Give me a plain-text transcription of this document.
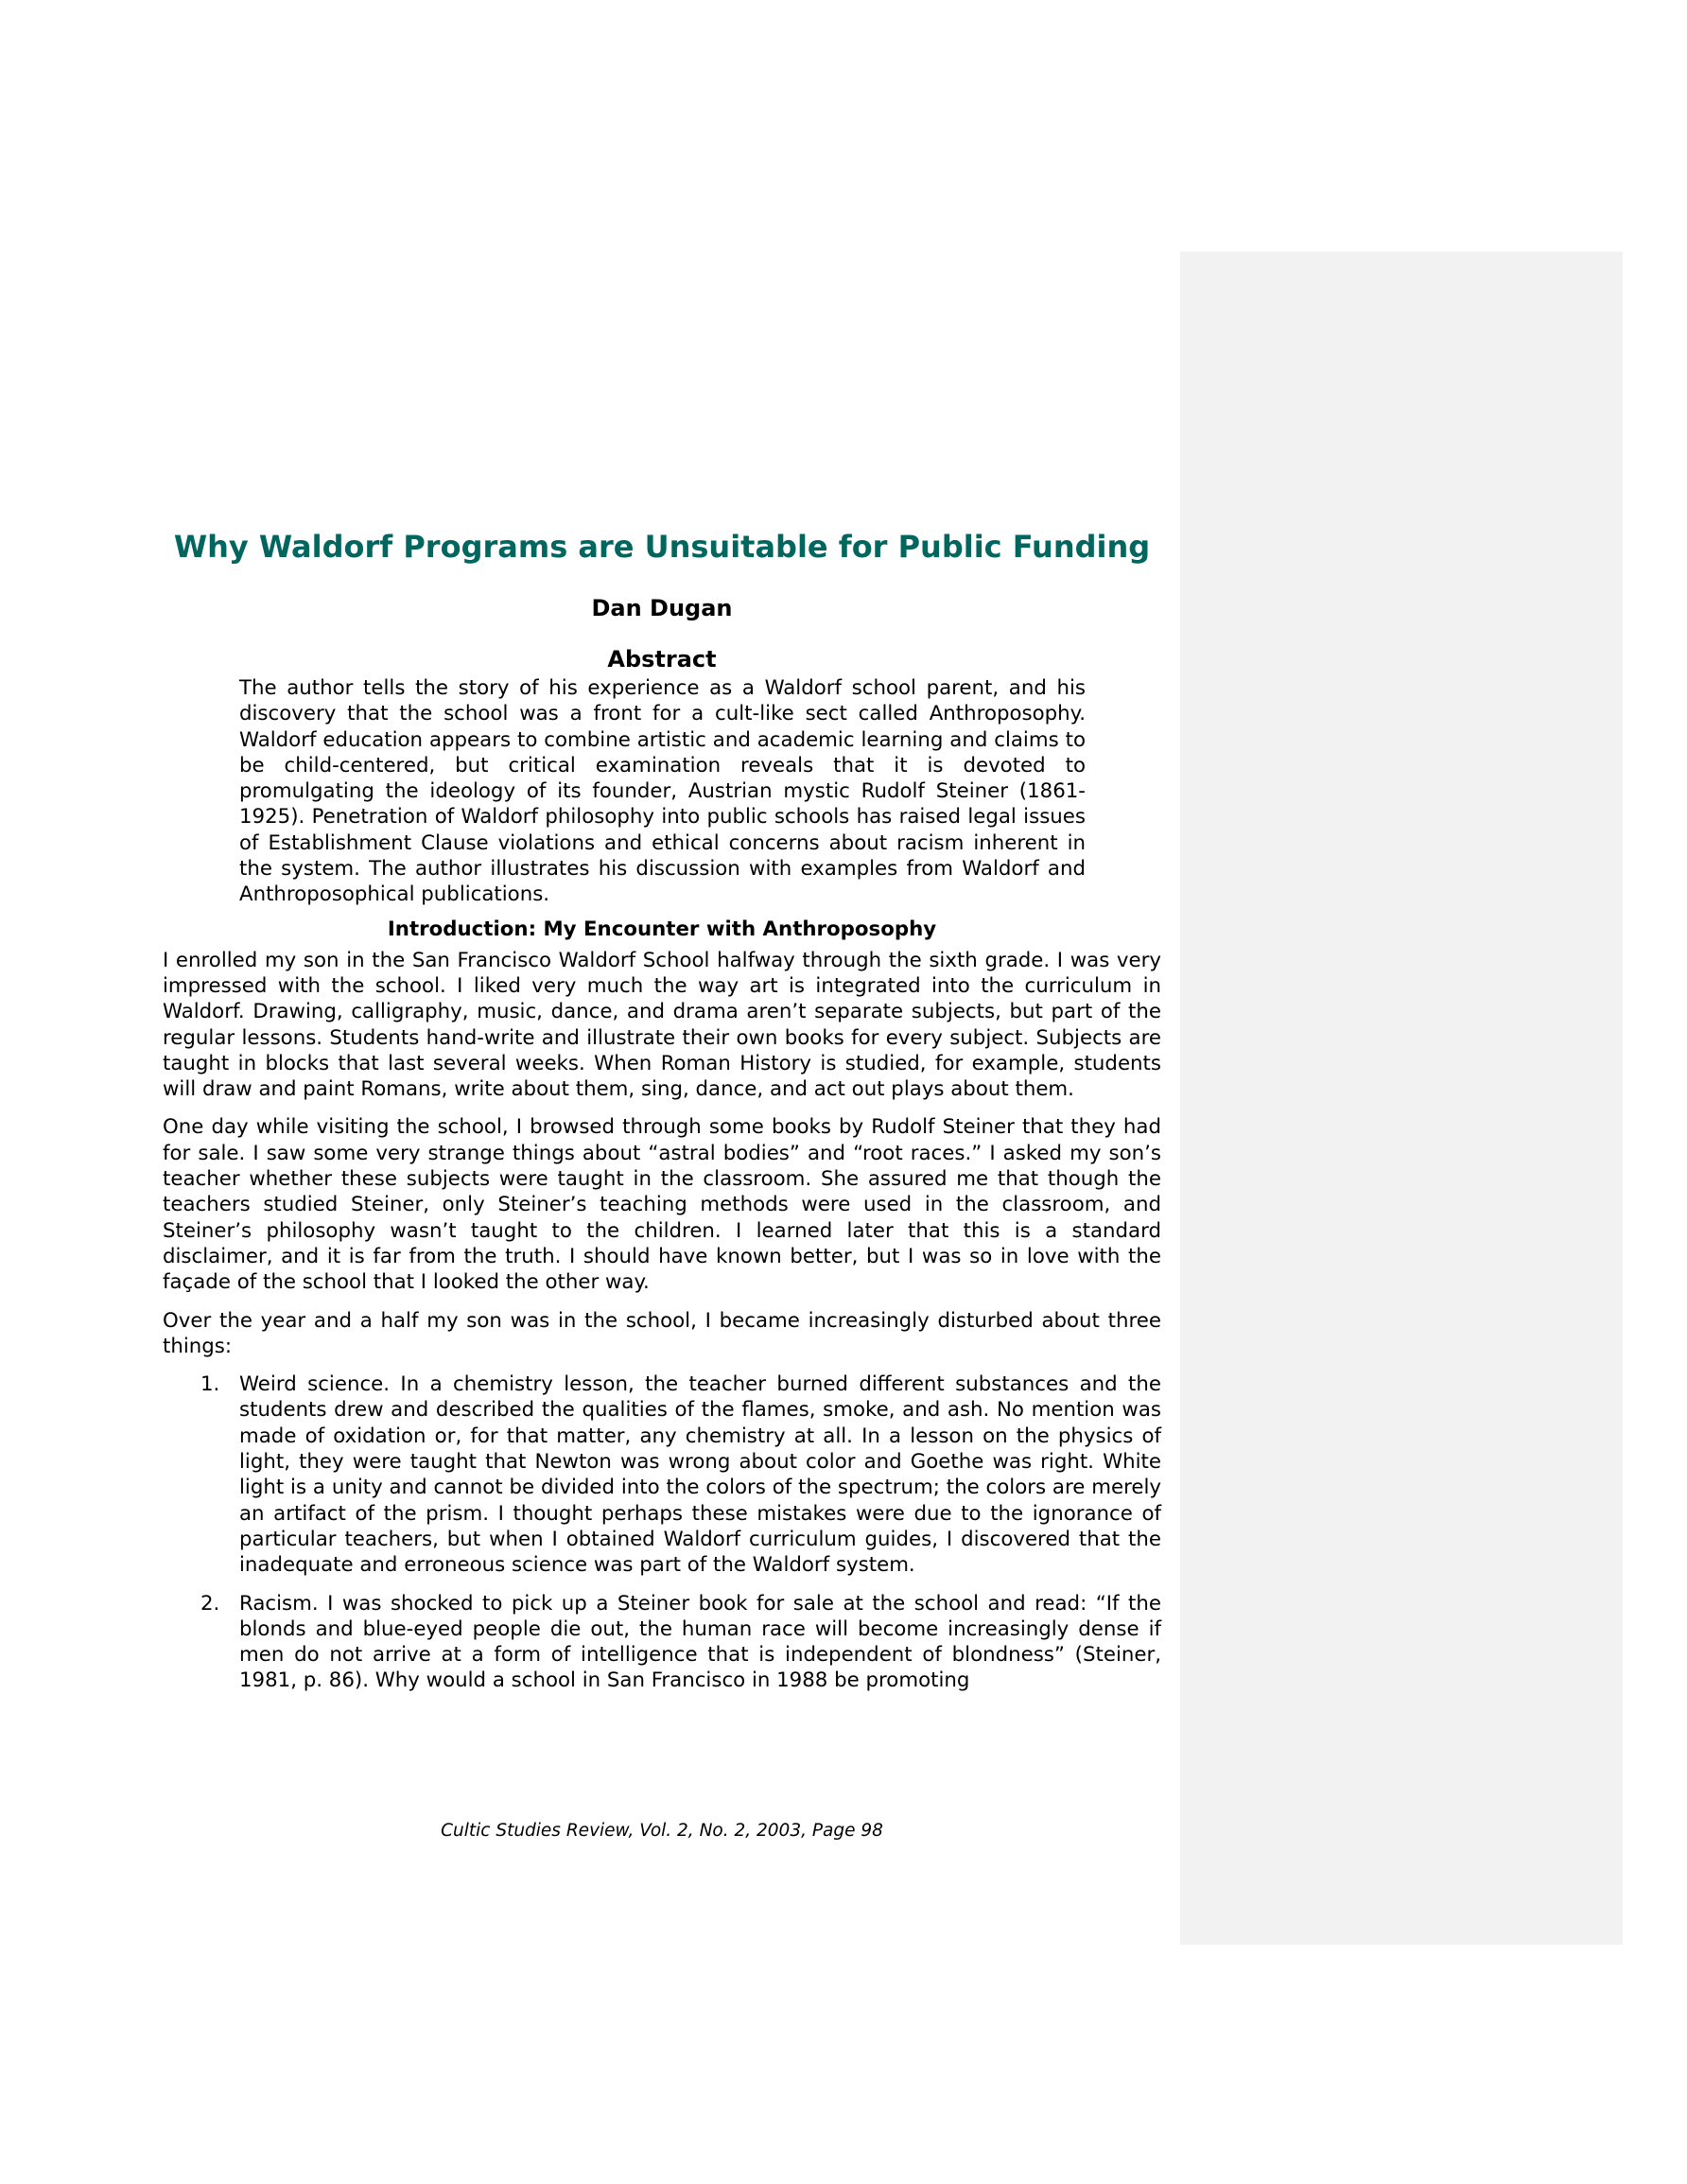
Why Waldorf Programs are Unsuitable for Public Funding
Dan Dugan
Abstract

The author tells the story of his experience as a Waldorf school parent, and his discovery that the school was a front for a cult-like sect called Anthroposophy. Waldorf education appears to combine artistic and academic learning and claims to be child-centered, but critical examination reveals that it is devoted to promulgating the ideology of its founder, Austrian mystic Rudolf Steiner (1861-1925). Penetration of Waldorf philosophy into public schools has raised legal issues of Establishment Clause violations and ethical concerns about racism inherent in the system. The author illustrates his discussion with examples from Waldorf and Anthroposophical publications.

Introduction: My Encounter with Anthroposophy

I enrolled my son in the San Francisco Waldorf School halfway through the sixth grade. I was very impressed with the school. I liked very much the way art is integrated into the curriculum in Waldorf. Drawing, calligraphy, music, dance, and drama aren’t separate subjects, but part of the regular lessons. Students hand-write and illustrate their own books for every subject. Subjects are taught in blocks that last several weeks. When Roman History is studied, for example, students will draw and paint Romans, write about them, sing, dance, and act out plays about them.

One day while visiting the school, I browsed through some books by Rudolf Steiner that they had for sale. I saw some very strange things about “astral bodies” and “root races.” I asked my son’s teacher whether these subjects were taught in the classroom. She assured me that though the teachers studied Steiner, only Steiner’s teaching methods were used in the classroom, and Steiner’s philosophy wasn’t taught to the children. I learned later that this is a standard disclaimer, and it is far from the truth. I should have known better, but I was so in love with the façade of the school that I looked the other way.

Over the year and a half my son was in the school, I became increasingly disturbed about three things:

1. Weird science. In a chemistry lesson, the teacher burned different substances and the students drew and described the qualities of the flames, smoke, and ash. No mention was made of oxidation or, for that matter, any chemistry at all. In a lesson on the physics of light, they were taught that Newton was wrong about color and Goethe was right. White light is a unity and cannot be divided into the colors of the spectrum; the colors are merely an artifact of the prism. I thought perhaps these mistakes were due to the ignorance of particular teachers, but when I obtained Waldorf curriculum guides, I discovered that the inadequate and erroneous science was part of the Waldorf system.
2. Racism. I was shocked to pick up a Steiner book for sale at the school and read: “If the blonds and blue-eyed people die out, the human race will become increasingly dense if men do not arrive at a form of intelligence that is independent of blondness” (Steiner, 1981, p. 86). Why would a school in San Francisco in 1988 be promoting
Cultic Studies Review, Vol. 2, No. 2, 2003, Page 98
